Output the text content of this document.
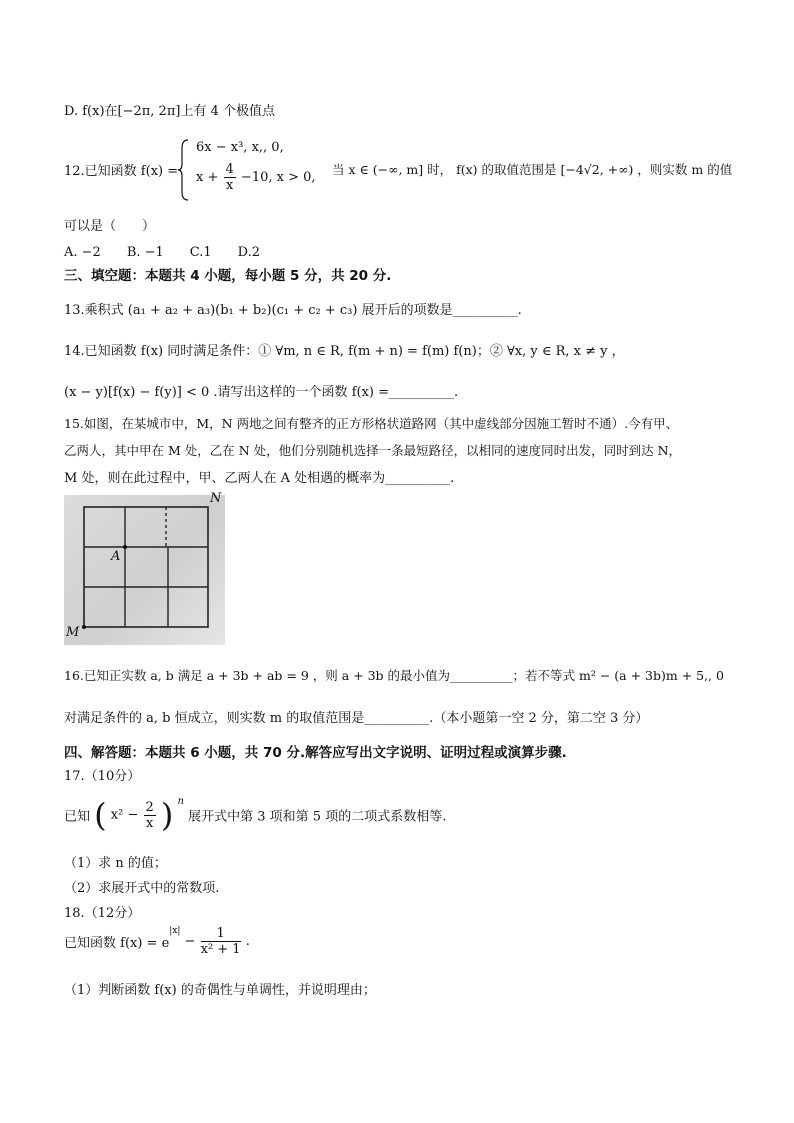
D. f(x)在[−2π, 2π]上有 4 个极值点
12.已知函数 f(x) =
6x − x³, x,, 0,
$x + \frac{4}{x} -10$, x > 0,
当 x ∈ (−∞, m] 时， f(x) 的取值范围是 [−4√2, +∞) ，则实数 m 的值
可以是（　　）
A. −2　　B. −1　　C.1　　D.2
三、填空题：本题共 4 小题，每小题 5 分，共 20 分.
13.乘积式 (a₁ + a₂ + a₃)(b₁ + b₂)(c₁ + c₂ + c₃) 展开后的项数是__________.
14.已知函数 f(x) 同时满足条件：① ∀m, n ∈ R, f(m + n) = f(m) f(n)；② ∀x, y ∈ R, x ≠ y ，
(x − y)[f(x) − f(y)] < 0 .请写出这样的一个函数 f(x) =__________.
15.如图，在某城市中，M，N 两地之间有整齐的正方形格状道路网（其中虚线部分因施工暂时不通）.今有甲、
乙两人，其中甲在 M 处，乙在 N 处，他们分别随机选择一条最短路径，以相同的速度同时出发，同时到达 N，
M 处，则在此过程中，甲、乙两人在 A 处相遇的概率为__________.
N
A
M
16.已知正实数 a, b 满足 a + 3b + ab = 9 ，则 a + 3b 的最小值为__________；若不等式 m² − (a + 3b)m + 5,, 0
对满足条件的 a, b 恒成立，则实数 m 的取值范围是__________.（本小题第一空 2 分，第二空 3 分）
四、解答题：本题共 6 小题，共 70 分.解答应写出文字说明、证明过程或演算步骤.
17.（10分）
已知 ( $x^2 - \frac{2}{x}$ ) $^n$ 展开式中第 3 项和第 5 项的二项式系数相等.
（1）求 n 的值；
（2）求展开式中的常数项.
18.（12分）
已知函数 $f(x) = e^{|x|} - \frac{1}{\text{x² + 1}}$ .
（1）判断函数 f(x) 的奇偶性与单调性，并说明理由；
